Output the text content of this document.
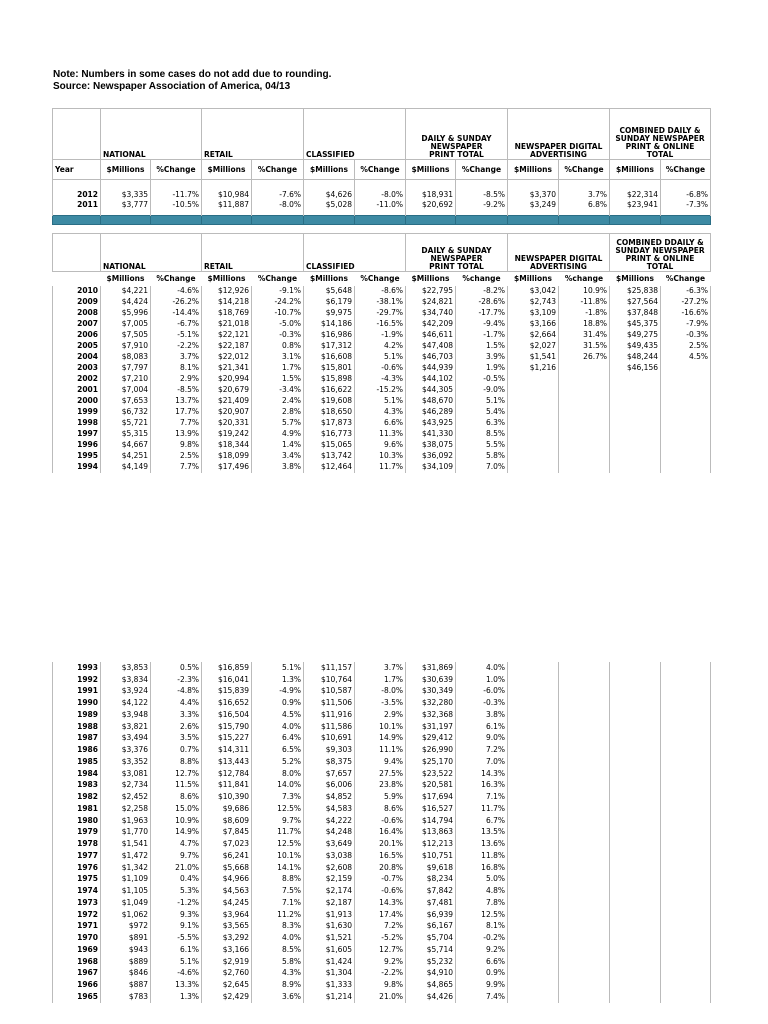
Note: Numbers in some cases do not add due to rounding.
Source: Newspaper Association of America, 04/13
	NATIONAL		RETAIL		CLASSIFIED		DAILY & SUNDAY NEWSPAPER PRINT TOTAL		NEWSPAPER DIGITAL ADVERTISING		COMBINED DAILY & SUNDAY NEWSPAPER PRINT & ONLINE TOTAL	
Year	$Millions	%Change	$Millions	%Change	$Millions	%Change	$Millions	%Change	$Millions	%Change	$Millions	%Change

2012	$3,335	-11.7%	$10,984	-7.6%	$4,626	-8.0%	$18,931	-8.5%	$3,370	3.7%	$22,314	-6.8%
2011	$3,777	-10.5%	$11,887	-8.0%	$5,028	-11.0%	$20,692	-9.2%	$3,249	6.8%	$23,941	-7.3%

	NATIONAL		RETAIL		CLASSIFIED		DAILY & SUNDAY NEWSPAPER PRINT TOTAL		NEWSPAPER DIGITAL ADVERTISING		COMBINED DDAILY & SUNDAY NEWSPAPER PRINT & ONLINE TOTAL	
	$Millions	%Change	$Millions	%Change	$Millions	%Change	$Millions	%change	$Millions	%change	$Millions	%Change
2010	$4,221	-4.6%	$12,926	-9.1%	$5,648	-8.6%	$22,795	-8.2%	$3,042	10.9%	$25,838	-6.3%
2009	$4,424	-26.2%	$14,218	-24.2%	$6,179	-38.1%	$24,821	-28.6%	$2,743	-11.8%	$27,564	-27.2%
2008	$5,996	-14.4%	$18,769	-10.7%	$9,975	-29.7%	$34,740	-17.7%	$3,109	-1.8%	$37,848	-16.6%
2007	$7,005	-6.7%	$21,018	-5.0%	$14,186	-16.5%	$42,209	-9.4%	$3,166	18.8%	$45,375	-7.9%
2006	$7,505	-5.1%	$22,121	-0.3%	$16,986	-1.9%	$46,611	-1.7%	$2,664	31.4%	$49,275	-0.3%
2005	$7,910	-2.2%	$22,187	0.8%	$17,312	4.2%	$47,408	1.5%	$2,027	31.5%	$49,435	2.5%
2004	$8,083	3.7%	$22,012	3.1%	$16,608	5.1%	$46,703	3.9%	$1,541	26.7%	$48,244	4.5%
2003	$7,797	8.1%	$21,341	1.7%	$15,801	-0.6%	$44,939	1.9%	$1,216		$46,156	
2002	$7,210	2.9%	$20,994	1.5%	$15,898	-4.3%	$44,102	-0.5%				
2001	$7,004	-8.5%	$20,679	-3.4%	$16,622	-15.2%	$44,305	-9.0%				
2000	$7,653	13.7%	$21,409	2.4%	$19,608	5.1%	$48,670	5.1%				
1999	$6,732	17.7%	$20,907	2.8%	$18,650	4.3%	$46,289	5.4%				
1998	$5,721	7.7%	$20,331	5.7%	$17,873	6.6%	$43,925	6.3%				
1997	$5,315	13.9%	$19,242	4.9%	$16,773	11.3%	$41,330	8.5%				
1996	$4,667	9.8%	$18,344	1.4%	$15,065	9.6%	$38,075	5.5%				
1995	$4,251	2.5%	$18,099	3.4%	$13,742	10.3%	$36,092	5.8%				
1994	$4,149	7.7%	$17,496	3.8%	$12,464	11.7%	$34,109	7.0%				
1993	$3,853	0.5%	$16,859	5.1%	$11,157	3.7%	$31,869	4.0%				
1992	$3,834	-2.3%	$16,041	1.3%	$10,764	1.7%	$30,639	1.0%				
1991	$3,924	-4.8%	$15,839	-4.9%	$10,587	-8.0%	$30,349	-6.0%				
1990	$4,122	4.4%	$16,652	0.9%	$11,506	-3.5%	$32,280	-0.3%				
1989	$3,948	3.3%	$16,504	4.5%	$11,916	2.9%	$32,368	3.8%				
1988	$3,821	2.6%	$15,790	4.0%	$11,586	10.1%	$31,197	6.1%				
1987	$3,494	3.5%	$15,227	6.4%	$10,691	14.9%	$29,412	9.0%				
1986	$3,376	0.7%	$14,311	6.5%	$9,303	11.1%	$26,990	7.2%				
1985	$3,352	8.8%	$13,443	5.2%	$8,375	9.4%	$25,170	7.0%				
1984	$3,081	12.7%	$12,784	8.0%	$7,657	27.5%	$23,522	14.3%				
1983	$2,734	11.5%	$11,841	14.0%	$6,006	23.8%	$20,581	16.3%				
1982	$2,452	8.6%	$10,390	7.3%	$4,852	5.9%	$17,694	7.1%				
1981	$2,258	15.0%	$9,686	12.5%	$4,583	8.6%	$16,527	11.7%				
1980	$1,963	10.9%	$8,609	9.7%	$4,222	-0.6%	$14,794	6.7%				
1979	$1,770	14.9%	$7,845	11.7%	$4,248	16.4%	$13,863	13.5%				
1978	$1,541	4.7%	$7,023	12.5%	$3,649	20.1%	$12,213	13.6%				
1977	$1,472	9.7%	$6,241	10.1%	$3,038	16.5%	$10,751	11.8%				
1976	$1,342	21.0%	$5,668	14.1%	$2,608	20.8%	$9,618	16.8%				
1975	$1,109	0.4%	$4,966	8.8%	$2,159	-0.7%	$8,234	5.0%				
1974	$1,105	5.3%	$4,563	7.5%	$2,174	-0.6%	$7,842	4.8%				
1973	$1,049	-1.2%	$4,245	7.1%	$2,187	14.3%	$7,481	7.8%				
1972	$1,062	9.3%	$3,964	11.2%	$1,913	17.4%	$6,939	12.5%				
1971	$972	9.1%	$3,565	8.3%	$1,630	7.2%	$6,167	8.1%				
1970	$891	-5.5%	$3,292	4.0%	$1,521	-5.2%	$5,704	-0.2%				
1969	$943	6.1%	$3,166	8.5%	$1,605	12.7%	$5,714	9.2%				
1968	$889	5.1%	$2,919	5.8%	$1,424	9.2%	$5,232	6.6%				
1967	$846	-4.6%	$2,760	4.3%	$1,304	-2.2%	$4,910	0.9%				
1966	$887	13.3%	$2,645	8.9%	$1,333	9.8%	$4,865	9.9%				
1965	$783	1.3%	$2,429	3.6%	$1,214	21.0%	$4,426	7.4%				
